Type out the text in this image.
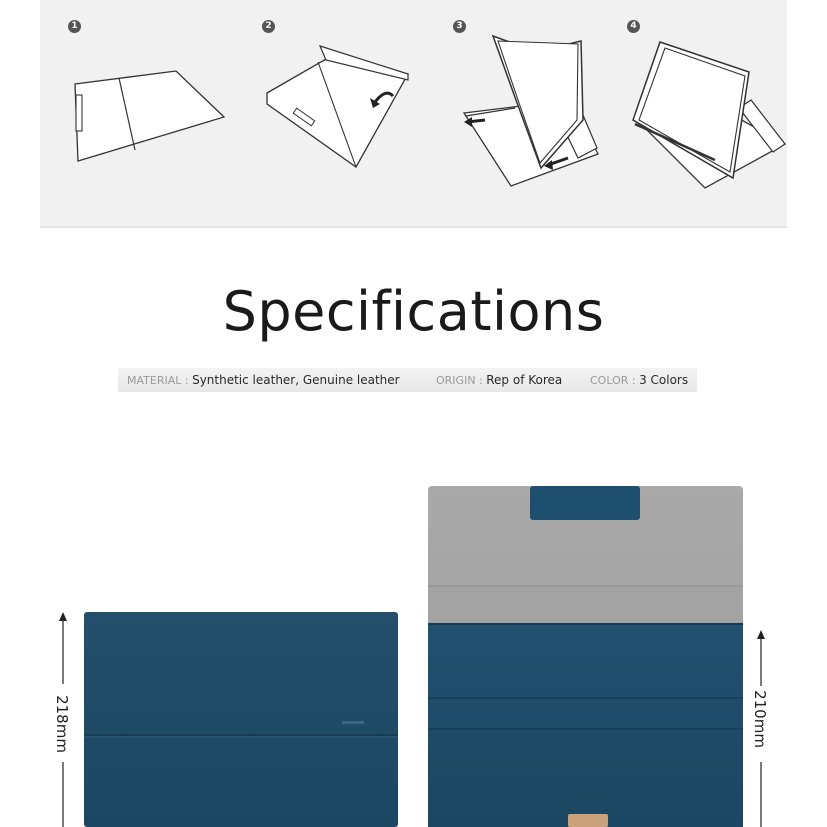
1	2	3	4
Specifications
MATERIAL : Synthetic leather, Genuine leather	ORIGIN : Rep of Korea	COLOR : 3 Colors
218mm	210mm
